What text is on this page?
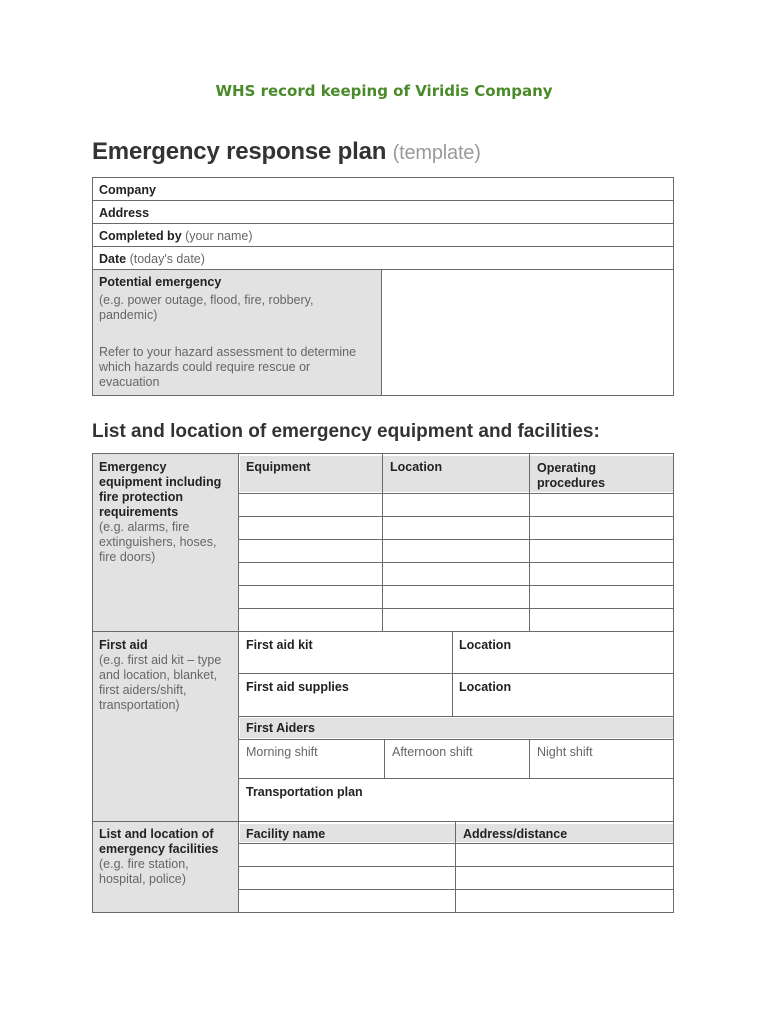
WHS record keeping of Viridis Company
Emergency response plan (template)
Company
Address
Completed by (your name)
Date (today's date)
Potential emergency
(e.g. power outage, flood, fire, robbery, pandemic)
Refer to your hazard assessment to determine which hazards could require rescue or evacuation
List and location of emergency equipment and facilities:
Emergency equipment including fire protection requirements
(e.g. alarms, fire extinguishers, hoses, fire doors)
Equipment	Location	Operating procedures
First aid
(e.g. first aid kit – type and location, blanket, first aiders/shift, transportation)
First aid kit	Location
First aid supplies	Location
First Aiders
Morning shift	Afternoon shift	Night shift
Transportation plan
List and location of emergency facilities
(e.g. fire station, hospital, police)
Facility name	Address/distance
